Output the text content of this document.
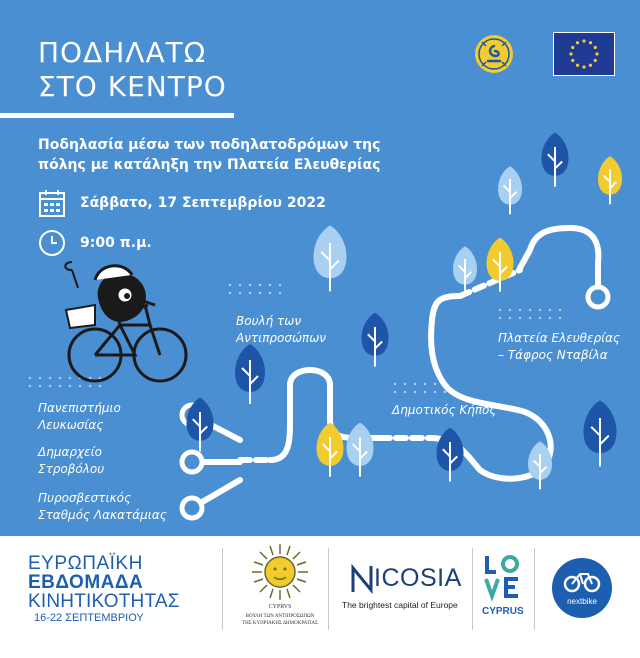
ΠΟΔΗΛΑΤΩ
ΣΤΟ ΚΕΝΤΡΟ
Ποδηλασία μέσω των ποδηλατοδρόμων της
πόλης με κατάληξη την Πλατεία Ελευθερίας
Σάββατο, 17 Σεπτεμβρίου 2022
9:00 π.μ.
Βουλή των
Αντιπροσώπων
Δημοτικός Κήπος
Πλατεία Ελευθερίας
– Τάφρος Νταβίλα
Πανεπιστήμιο
Λευκωσίας
Δημαρχείο
Στροβόλου
Πυροσβεστικός
Σταθμός Λακατάμιας
ΕΥΡΩΠΑΪΚΗ
ΕΒΔΟΜΑΔΑ
ΚΙΝΗΤΙΚΟΤΗΤΑΣ
16-22 ΣΕΠΤΕΜΒΡΙΟΥ
CYPRVS
ΒΟΥΛΗ ΤΩΝ ΑΝΤΙΠΡΟΣΩΠΩΝ
ΤΗΣ ΚΥΠΡΙΑΚΗΣ ΔΗΜΟΚΡΑΤΙΑΣ
ICOSIA
The brightest capital of Europe
CYPRUS
nextbike
